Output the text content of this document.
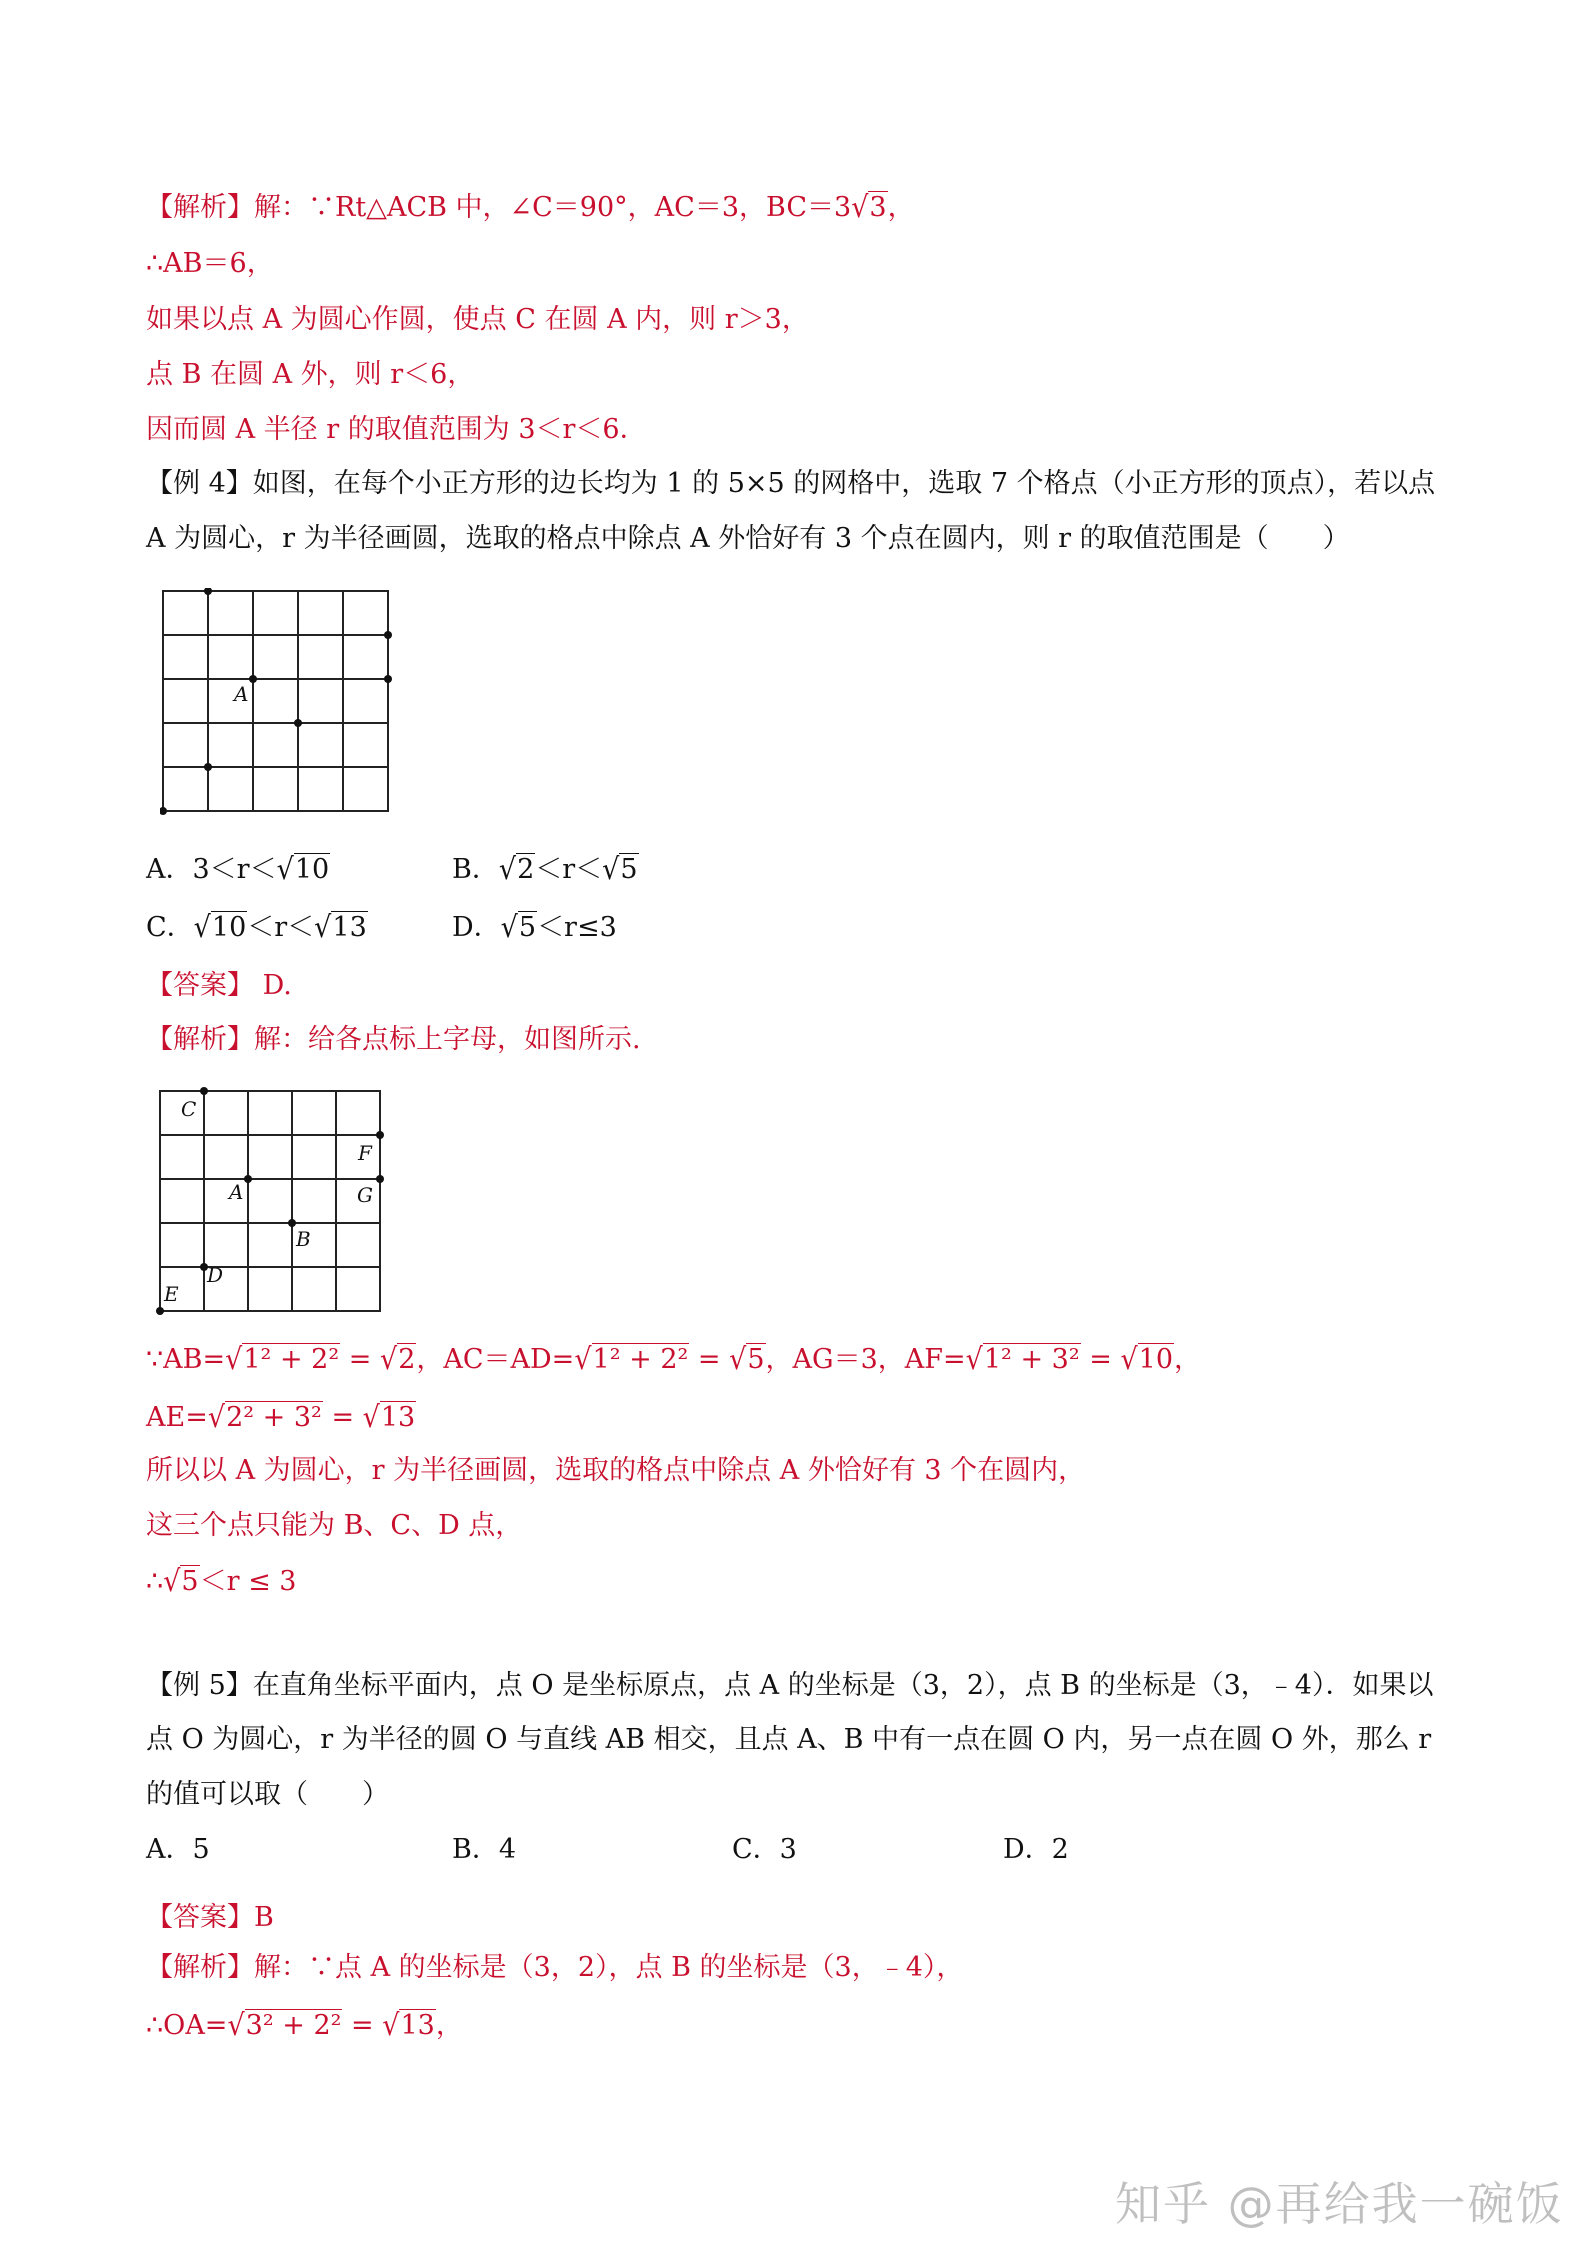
【解析】解：∵Rt△ACB 中，∠C＝90°，AC＝3，BC＝3√3，
∴AB＝6，
如果以点 A 为圆心作圆，使点 C 在圆 A 内，则 r＞3，
点 B 在圆 A 外，则 r＜6，
因而圆 A 半径 r 的取值范围为 3＜r＜6．
【例 4】如图，在每个小正方形的边长均为 1 的 5×5 的网格中，选取 7 个格点（小正方形的顶点），若以点
A 为圆心，r 为半径画圆，选取的格点中除点 A 外恰好有 3 个点在圆内，则 r 的取值范围是（　　）
A
A．3＜r＜√10	B．√2＜r＜√5
C．√10＜r＜√13	D．√5＜r≤3
【答案】 D.
【解析】解：给各点标上字母，如图所示.
C
F
A	G
B
D
E
∵AB=√1² + 2² = √2，AC＝AD=√1² + 2² = √5，AG＝3，AF=√1² + 3² = √10，
AE=√2² + 3² = √13
所以以 A 为圆心，r 为半径画圆，选取的格点中除点 A 外恰好有 3 个在圆内，
这三个点只能为 B、C、D 点，
∴√5＜r ≤ 3
【例 5】在直角坐标平面内，点 O 是坐标原点，点 A 的坐标是（3，2），点 B 的坐标是（3，﹣4）．如果以
点 O 为圆心，r 为半径的圆 O 与直线 AB 相交，且点 A、B 中有一点在圆 O 内，另一点在圆 O 外，那么 r
的值可以取（　　）
A．5	B．4	C．3	D．2
【答案】B
【解析】解：∵点 A 的坐标是（3，2），点 B 的坐标是（3，﹣4），
∴OA=√3² + 2² = √13，
知乎 @再给我一碗饭
